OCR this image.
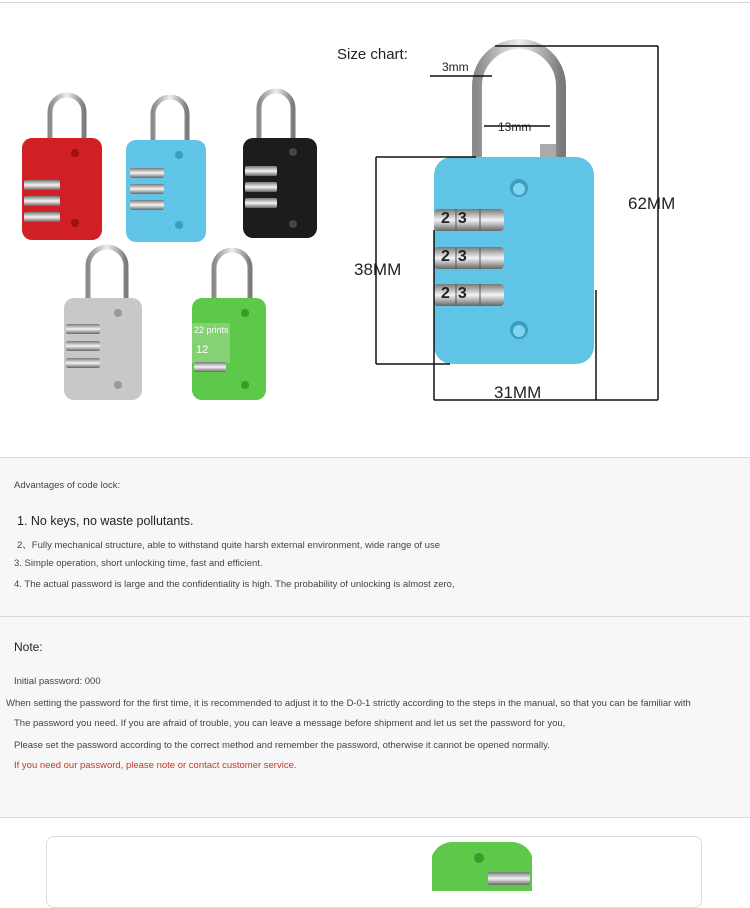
23
23
23
Size chart:
3mm
13mm
62MM
38MM
31MM
22 prints
12
Advantages of code lock:
1. No keys, no waste pollutants.
2、Fully mechanical structure, able to withstand quite harsh external environment, wide range of use
3. Simple operation, short unlocking time, fast and efficient.
4. The actual password is large and the confidentiality is high. The probability of unlocking is almost zero,
Note:
Initial password: 000
When setting the password for the first time, it is recommended to adjust it to the D-0-1 strictly according to the steps in the manual, so that you can be familiar with
The password you need. If you are afraid of trouble, you can leave a message before shipment and let us set the password for you,
Please set the password according to the correct method and remember the password, otherwise it cannot be opened normally.
If you need our password, please note or contact customer service.
